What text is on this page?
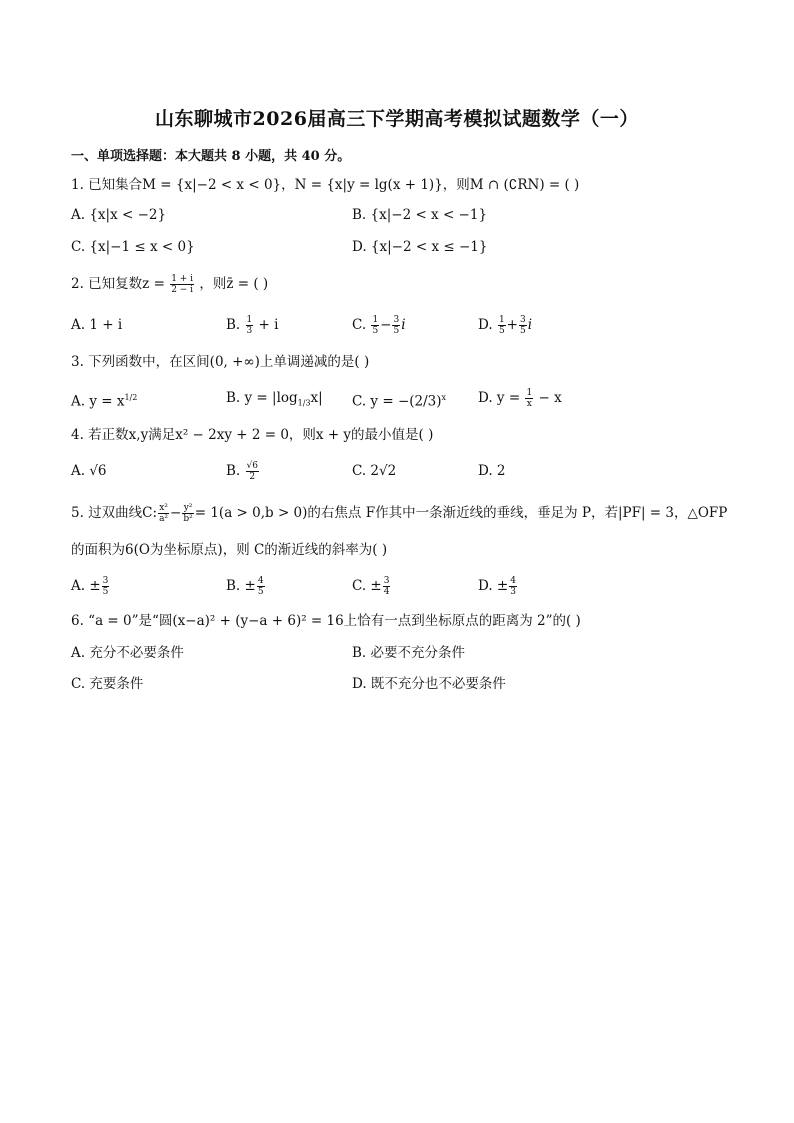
山东聊城市2026届高三下学期高考模拟试题数学（一）
一、单项选择题：本大题共 8 小题，共 40 分。
1. 已知集合M = {x|−2 < x < 0}，N = {x|y = lg(x + 1)}，则M ∩ (∁RN) = ( )
A. {x|x < −2}	B. {x|−2 < x < −1}
C. {x|−1 ≤ x < 0}	D. {x|−2 < x ≤ −1}
2. 已知复数$z = \frac{1 + i}{2 - i}$ ，则z̄ = ( )
A. 1 + i	B. $\frac{1}{3} + i$	C. $\frac{1}{5} - \frac{3}{5}$ i	D. $\frac{1}{5} + \frac{3}{5}$ i
3. 下列函数中，在区间(0, +∞)上单调递减的是( )
A. $y = x^{1/2}$	B. $y = |\log_{1/3}x|$ C. $y = -(2/3)^x$ D. $y = \frac{1}{x} - x$
4. 若正数x,y满足x² − 2xy + 2 = 0，则x + y的最小值是( )
A. √6	B. $\frac{√6}{2}$	C. 2√2	D. 2
5. 过双曲线C: $\frac{\text{x²}}{\text{a²}} - \frac{\text{y²}}{\text{b²}} = 1(a > 0,b > 0)$的右焦点 F作其中一条渐近线的垂线，垂足为 P，若|PF| = 3，△OFP
的面积为6(O为坐标原点)，则 C的渐近线的斜率为( )
A. ± $\frac{3}{5}$	B. ± $\frac{4}{5}$	C. ± $\frac{3}{4}$	D. ± $\frac{4}{3}$
6. “a = 0”是“圆(x−a)² + (y−a + 6)² = 16上恰有一点到坐标原点的距离为 2”的( )
A. 充分不必要条件	B. 必要不充分条件
C. 充要条件	D. 既不充分也不必要条件
